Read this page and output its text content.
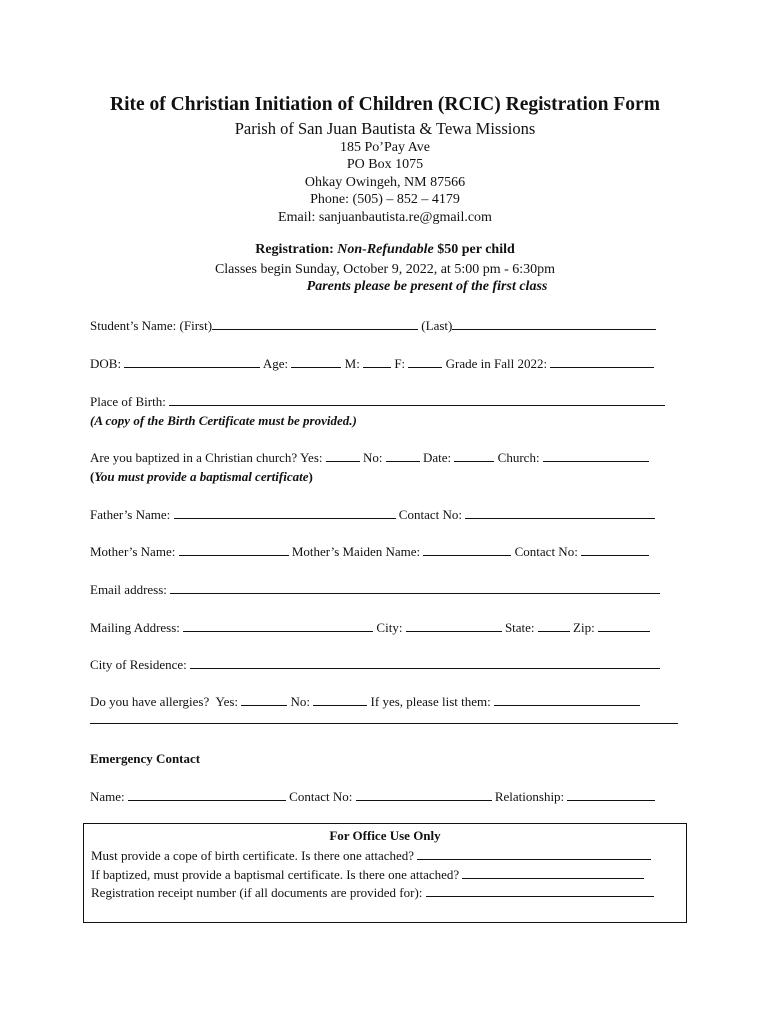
Rite of Christian Initiation of Children (RCIC) Registration Form
Parish of San Juan Bautista & Tewa Missions
185 Po’Pay Ave
PO Box 1075
Ohkay Owingeh, NM 87566
Phone: (505) – 852 – 4179
Email: sanjuanbautista.re@gmail.com
Registration: Non-Refundable $50 per child
Classes begin Sunday, October 9, 2022, at 5:00 pm - 6:30pm
Parents please be present of the first class
Student’s Name: (First)	(Last)
DOB:	Age:	M:	F:	Grade in Fall 2022:
Place of Birth:
(A copy of the Birth Certificate must be provided.)
Are you baptized in a Christian church? Yes:	No:	Date:	Church:
(You must provide a baptismal certificate)
Father’s Name:	Contact No:
Mother’s Name:	Mother’s Maiden Name:	Contact No:
Email address:
Mailing Address:	City:	State:	Zip:
City of Residence:
Do you have allergies? Yes:	No:	If yes, please list them:
Emergency Contact
Name:	Contact No:	Relationship:
For Office Use Only
Must provide a cope of birth certificate. Is there one attached?
If baptized, must provide a baptismal certificate. Is there one attached?
Registration receipt number (if all documents are provided for):
